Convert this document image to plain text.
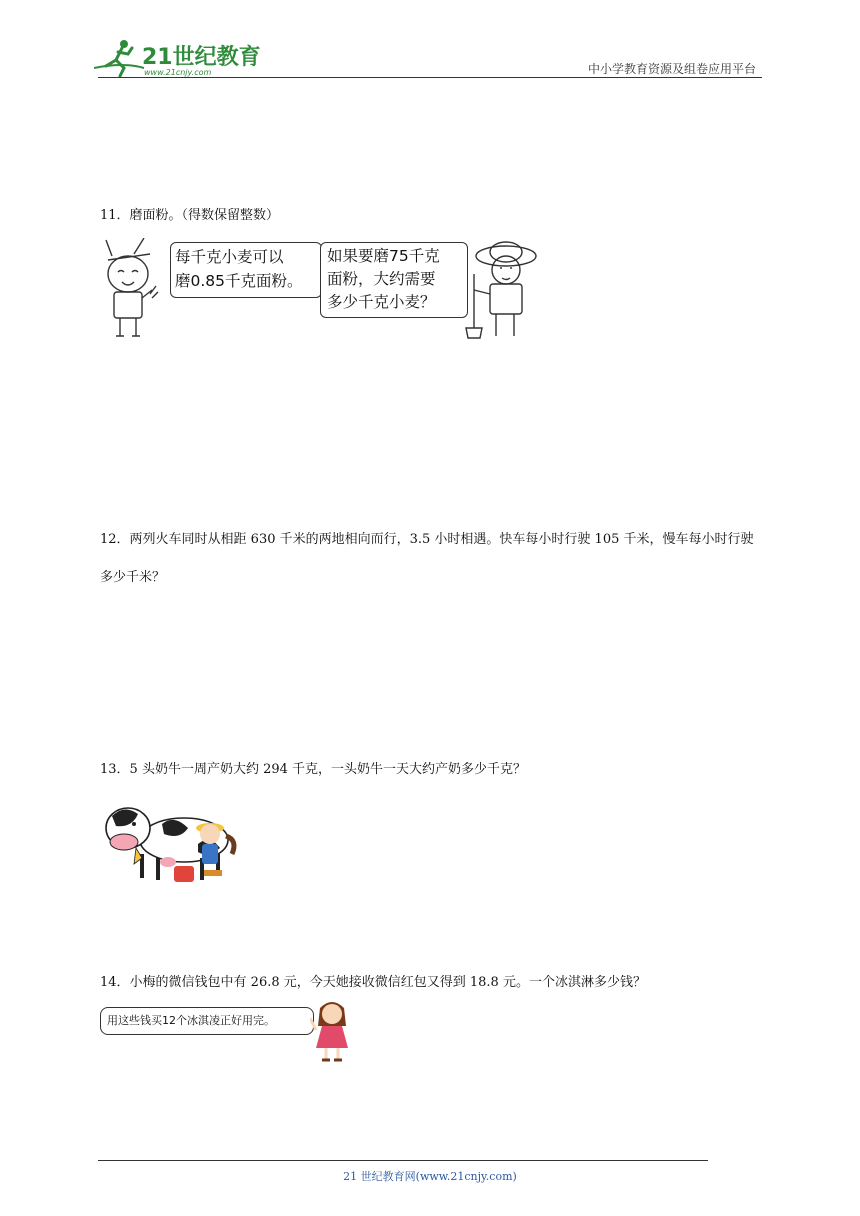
21世纪教育
www.21cnjy.com	中小学教育资源及组卷应用平台
11．磨面粉。（得数保留整数）
每千克小麦可以
磨0.85千克面粉。
如果要磨75千克
面粉，大约需要
多少千克小麦？
12．两列火车同时从相距 630 千米的两地相向而行，3.5 小时相遇。快车每小时行驶 105 千米，慢车每小时行驶多少千米？
13．5 头奶牛一周产奶大约 294 千克，一头奶牛一天大约产奶多少千克？
14．小梅的微信钱包中有 26.8 元，今天她接收微信红包又得到 18.8 元。一个冰淇淋多少钱？
用这些钱买12个冰淇凌正好用完。
21 世纪教育网(www.21cnjy.com)
